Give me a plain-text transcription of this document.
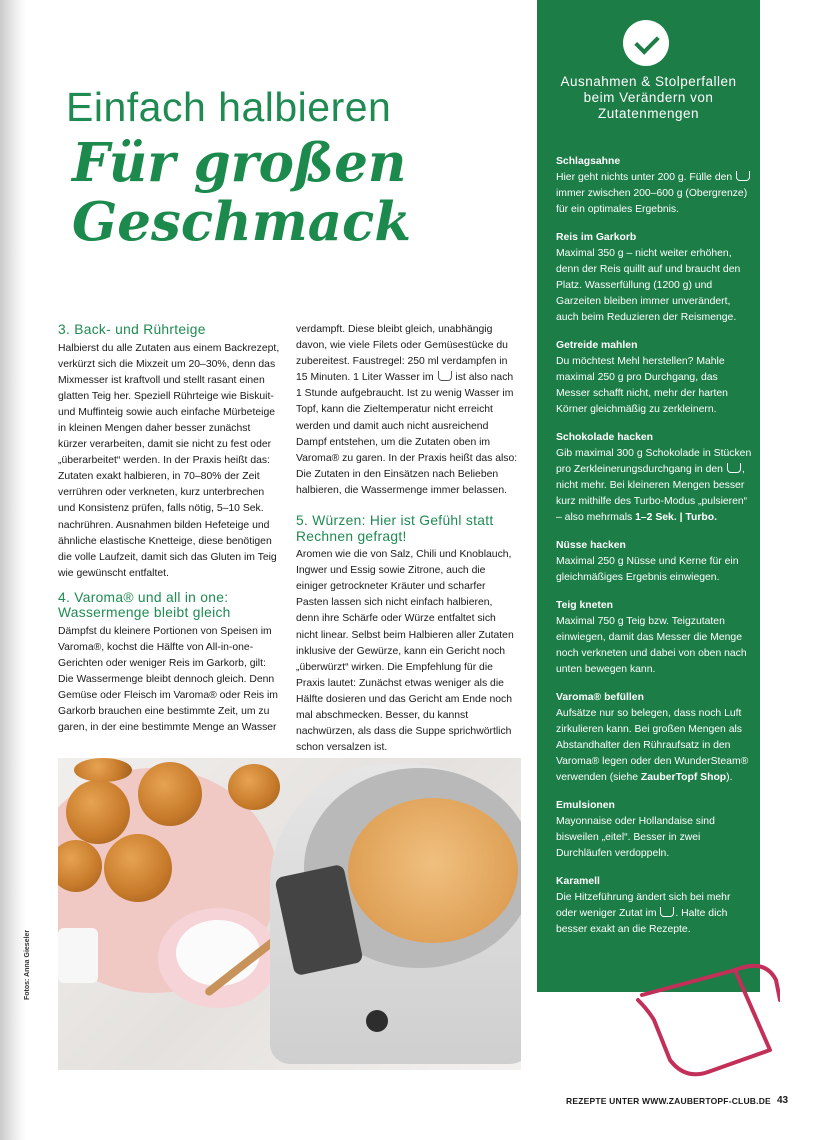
Einfach halbieren
Für großen
Geschmack
3. Back- und Rührteige

Halbierst du alle Zutaten aus einem Backrezept, verkürzt sich die Mixzeit um 20–30%, denn das Mixmesser ist kraftvoll und stellt rasant einen glatten Teig her. Speziell Rührteige wie Biskuit- und Muffinteig sowie auch einfache Mürbeteige in kleinen Mengen daher besser zunächst kürzer verarbeiten, damit sie nicht zu fest oder „überarbeitet“ werden. In der Praxis heißt das: Zutaten exakt halbieren, in 70–80% der Zeit verrühren oder verkneten, kurz unterbrechen und Konsistenz prüfen, falls nötig, 5–10 Sek. nachrühren. Ausnahmen bilden Hefeteige und ähnliche elastische Knetteige, diese benötigen die volle Laufzeit, damit sich das Gluten im Teig wie gewünscht entfaltet.

4. Varoma® und all in one: Wassermenge bleibt gleich

Dämpfst du kleinere Portionen von Speisen im Varoma®, kochst die Hälfte von All-in-one-Gerichten oder weniger Reis im Garkorb, gilt: Die Wassermenge bleibt dennoch gleich. Denn Gemüse oder Fleisch im Varoma® oder Reis im Garkorb brauchen eine bestimmte Zeit, um zu garen, in der eine bestimmte Menge an Wasser

verdampft. Diese bleibt gleich, unabhängig davon, wie viele Filets oder Gemüsestücke du zubereitest. Faustregel: 250 ml verdampfen in 15 Minuten. 1 Liter Wasser im ist also nach 1 Stunde aufgebraucht. Ist zu wenig Wasser im Topf, kann die Zieltemperatur nicht erreicht werden und damit auch nicht ausreichend Dampf entstehen, um die Zutaten oben im Varoma® zu garen. In der Praxis heißt das also: Die Zutaten in den Einsätzen nach Belieben halbieren, die Wassermenge immer belassen.

5. Würzen: Hier ist Gefühl statt Rechnen gefragt!

Aromen wie die von Salz, Chili und Knoblauch, Ingwer und Essig sowie Zitrone, auch die einiger getrockneter Kräuter und scharfer Pasten lassen sich nicht einfach halbieren, denn ihre Schärfe oder Würze entfaltet sich nicht linear. Selbst beim Halbieren aller Zutaten inklusive der Gewürze, kann ein Gericht noch „überwürzt“ wirken. Die Empfehlung für die Praxis lautet: Zunächst etwas weniger als die Hälfte dosieren und das Gericht am Ende noch mal abschmecken. Besser, du kannst nachwürzen, als dass die Suppe sprichwörtlich schon versalzen ist.

Ausnahmen & Stolperfallen beim Verändern von Zutatenmengen
Schlagsahne

Hier geht nichts unter 200 g. Fülle den  immer zwischen 200–600 g (Obergrenze) für ein optimales Ergebnis.

Reis im Garkorb

Maximal 350 g – nicht weiter erhöhen, denn der Reis quillt auf und braucht den Platz. Wasserfüllung (1200 g) und Garzeiten bleiben immer unverändert, auch beim Reduzieren der Reismenge.

Getreide mahlen

Du möchtest Mehl herstellen? Mahle maximal 250 g pro Durchgang, das Messer schafft nicht, mehr der harten Körner gleichmäßig zu zerkleinern.

Schokolade hacken

Gib maximal 300 g Schokolade in Stücken pro Zerkleinerungsdurchgang in den , nicht mehr. Bei kleineren Mengen besser kurz mithilfe des Turbo-Modus „pulsieren“ – also mehrmals 1–2 Sek. | Turbo.

Nüsse hacken

Maximal 250 g Nüsse und Kerne für ein gleichmäßiges Ergebnis einwiegen.

Teig kneten

Maximal 750 g Teig bzw. Teigzutaten einwiegen, damit das Messer die Menge noch verkneten und dabei von oben nach unten bewegen kann.

Varoma® befüllen

Aufsätze nur so belegen, dass noch Luft zirkulieren kann. Bei großen Mengen als Abstandhalter den Rühraufsatz in den Varoma® legen oder den WunderSteam® verwenden (siehe ZauberTopf Shop).

Emulsionen

Mayonnaise oder Hollandaise sind bisweilen „eitel“. Besser in zwei Durchläufen verdoppeln.

Karamell

Die Hitzeführung ändert sich bei mehr oder weniger Zutat im . Halte dich besser exakt an die Rezepte.

Fotos: Anna Gieseler
REZEPTE UNTER WWW.ZAUBERTOPF-CLUB.DE 43
